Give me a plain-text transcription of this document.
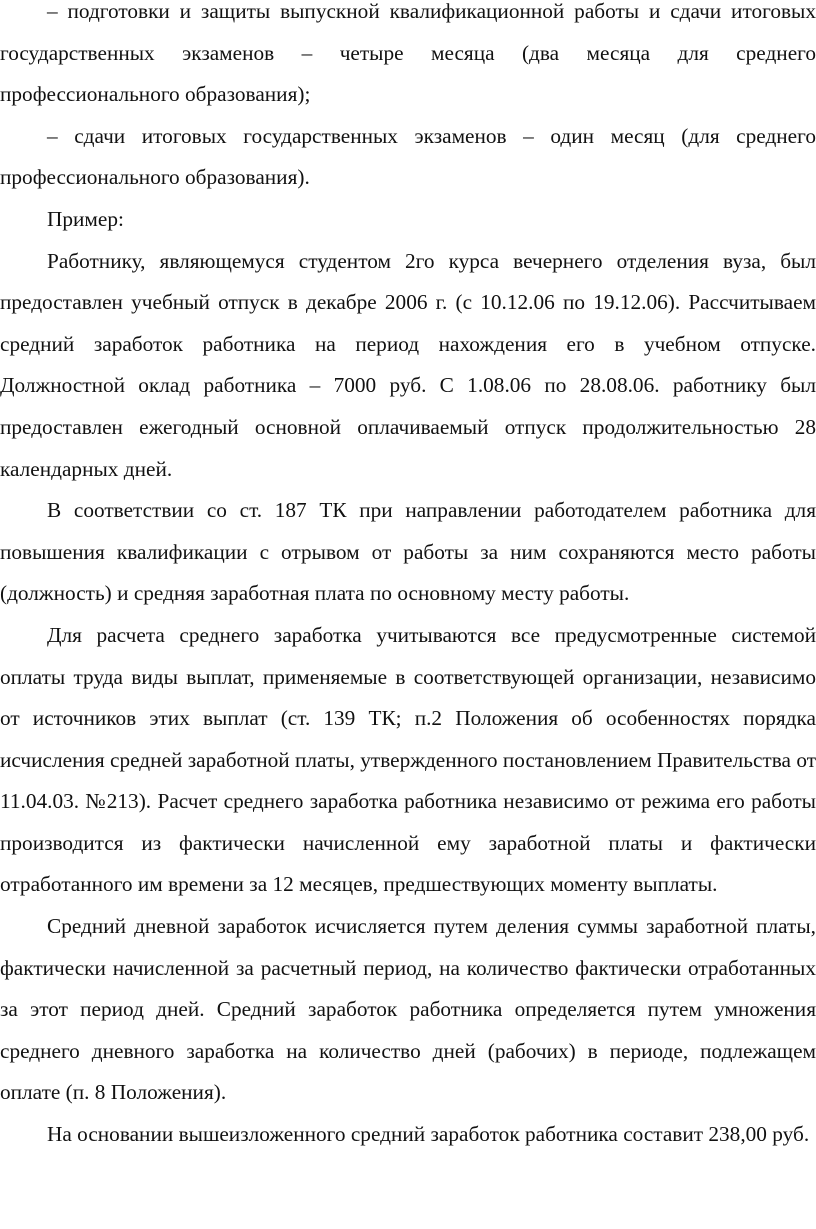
– подготовки и защиты выпускной квалификационной работы и сдачи итоговых государственных экзаменов – четыре месяца (два месяца для среднего профессионального образования);

– сдачи итоговых государственных экзаменов – один месяц (для среднего профессионального образования).

Пример:

Работнику, являющемуся студентом 2го курса вечернего отделения вуза, был предоставлен учебный отпуск в декабре 2006 г. (с 10.12.06 по 19.12.06). Рассчитываем средний заработок работника на период нахождения его в учебном отпуске. Должностной оклад работника – 7000 руб. С 1.08.06 по 28.08.06. работнику был предоставлен ежегодный основной оплачиваемый отпуск продолжительностью 28 календарных дней.

В соответствии со ст. 187 ТК при направлении работодателем работника для повышения квалификации с отрывом от работы за ним сохраняются место работы (должность) и средняя заработная плата по основному месту работы.

Для расчета среднего заработка учитываются все предусмотренные системой оплаты труда виды выплат, применяемые в соответствующей организации, независимо от источников этих выплат (ст. 139 ТК; п.2 Положения об особенностях порядка исчисления средней заработной платы, утвержденного постановлением Правительства от 11.04.03. №213). Расчет среднего заработка работника независимо от режима его работы производится из фактически начисленной ему заработной платы и фактически отработанного им времени за 12 месяцев, предшествующих моменту выплаты.

Средний дневной заработок исчисляется путем деления суммы заработной платы, фактически начисленной за расчетный период, на количество фактически отработанных за этот период дней. Средний заработок работника определяется путем умножения среднего дневного заработка на количество дней (рабочих) в периоде, подлежащем оплате (п. 8 Положения).

На основании вышеизложенного средний заработок работника составит 238,00 руб.
